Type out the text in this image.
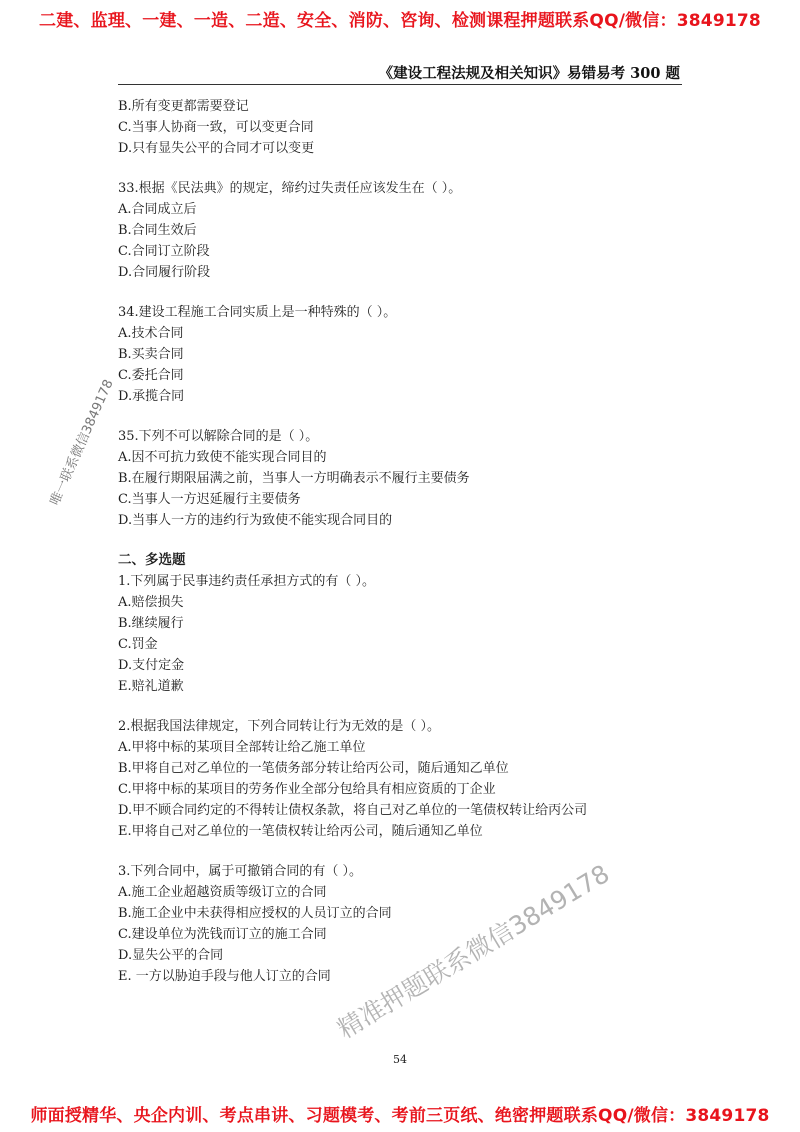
二建、监理、一建、一造、二造、安全、消防、咨询、检测课程押题联系QQ/微信：3849178
《建设工程法规及相关知识》易错易考 300 题
B.所有变更都需要登记
C.当事人协商一致，可以变更合同
D.只有显失公平的合同才可以变更
33.根据《民法典》的规定，缔约过失责任应该发生在（ ）。
A.合同成立后
B.合同生效后
C.合同订立阶段
D.合同履行阶段
34.建设工程施工合同实质上是一种特殊的（ ）。
A.技术合同
B.买卖合同
C.委托合同
D.承揽合同
35.下列不可以解除合同的是（ ）。
A.因不可抗力致使不能实现合同目的
B.在履行期限届满之前，当事人一方明确表示不履行主要债务
C.当事人一方迟延履行主要债务
D.当事人一方的违约行为致使不能实现合同目的
二、多选题
1.下列属于民事违约责任承担方式的有（ ）。
A.赔偿损失
B.继续履行
C.罚金
D.支付定金
E.赔礼道歉
2.根据我国法律规定，下列合同转让行为无效的是（ ）。
A.甲将中标的某项目全部转让给乙施工单位
B.甲将自己对乙单位的一笔债务部分转让给丙公司，随后通知乙单位
C.甲将中标的某项目的劳务作业全部分包给具有相应资质的丁企业
D.甲不顾合同约定的不得转让债权条款，将自己对乙单位的一笔债权转让给丙公司
E.甲将自己对乙单位的一笔债权转让给丙公司，随后通知乙单位
3.下列合同中，属于可撤销合同的有（ ）。
A.施工企业超越资质等级订立的合同
B.施工企业中未获得相应授权的人员订立的合同
C.建设单位为洗钱而订立的施工合同
D.显失公平的合同
E. 一方以胁迫手段与他人订立的合同
唯一联系微信3849178
精准押题联系微信3849178
54
师面授精华、央企内训、考点串讲、习题模考、考前三页纸、绝密押题联系QQ/微信：3849178
